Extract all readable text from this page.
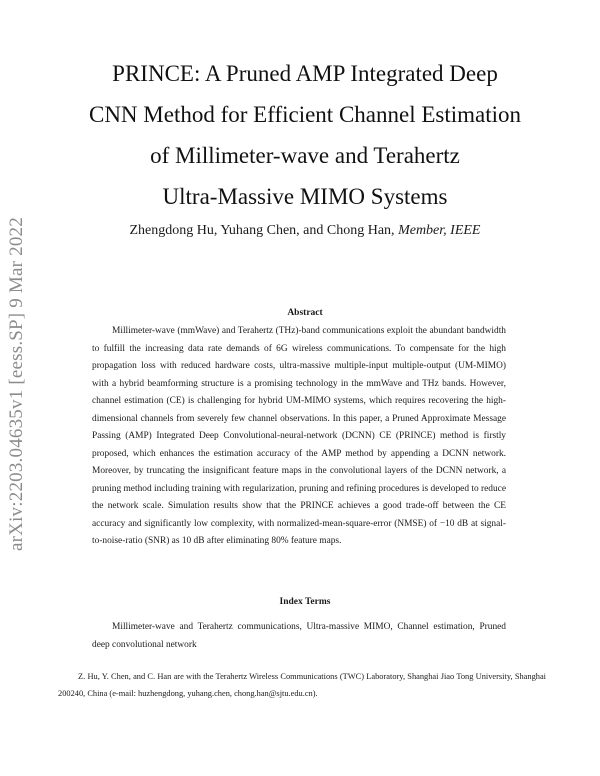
arXiv:2203.04635v1 [eess.SP] 9 Mar 2022
PRINCE: A Pruned AMP Integrated Deep
CNN Method for Efficient Channel Estimation
of Millimeter-wave and Terahertz
Ultra-Massive MIMO Systems
Zhengdong Hu, Yuhang Chen, and Chong Han, Member, IEEE
Abstract

Millimeter-wave (mmWave) and Terahertz (THz)-band communications exploit the abundant bandwidth to fulfill the increasing data rate demands of 6G wireless communications. To compensate for the high propagation loss with reduced hardware costs, ultra-massive multiple-input multiple-output (UM-MIMO) with a hybrid beamforming structure is a promising technology in the mmWave and THz bands. However, channel estimation (CE) is challenging for hybrid UM-MIMO systems, which requires recovering the high-dimensional channels from severely few channel observations. In this paper, a Pruned Approximate Message Passing (AMP) Integrated Deep Convolutional-neural-network (DCNN) CE (PRINCE) method is firstly proposed, which enhances the estimation accuracy of the AMP method by appending a DCNN network. Moreover, by truncating the insignificant feature maps in the convolutional layers of the DCNN network, a pruning method including training with regularization, pruning and refining procedures is developed to reduce the network scale. Simulation results show that the PRINCE achieves a good trade-off between the CE accuracy and significantly low complexity, with normalized-mean-square-error (NMSE) of −10 dB at signal-to-noise-ratio (SNR) as 10 dB after eliminating 80% feature maps.

Index Terms

Millimeter-wave and Terahertz communications, Ultra-massive MIMO, Channel estimation, Pruned deep convolutional network

Z. Hu, Y. Chen, and C. Han are with the Terahertz Wireless Communications (TWC) Laboratory, Shanghai Jiao Tong University, Shanghai 200240, China (e-mail: huzhengdong, yuhang.chen, chong.han@sjtu.edu.cn).
